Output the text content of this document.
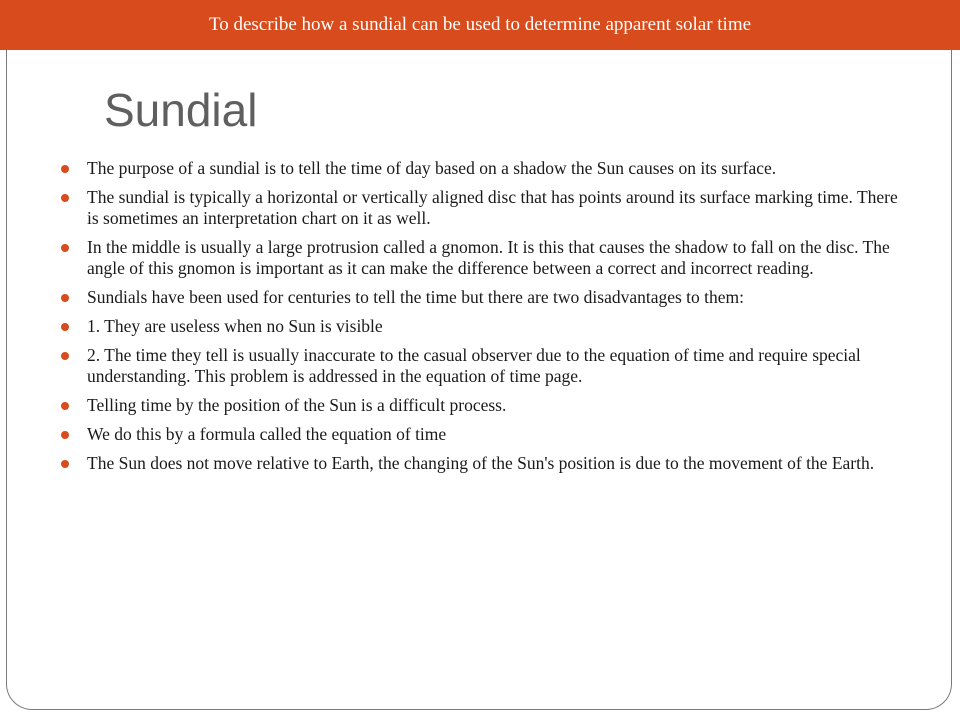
To describe how a sundial can be used to determine apparent solar time
Sundial
The purpose of a sundial is to tell the time of day based on a shadow the Sun causes on its surface.
The sundial is typically a horizontal or vertically aligned disc that has points around its surface marking time. There is sometimes an interpretation chart on it as well.
In the middle is usually a large protrusion called a gnomon. It is this that causes the shadow to fall on the disc. The angle of this gnomon is important as it can make the difference between a correct and incorrect reading.
Sundials have been used for centuries to tell the time but there are two disadvantages to them:
1. They are useless when no Sun is visible
2. The time they tell is usually inaccurate to the casual observer due to the equation of time and require special understanding. This problem is addressed in the equation of time page.
Telling time by the position of the Sun is a difficult process.
We do this by a formula called the equation of time
The Sun does not move relative to Earth, the changing of the Sun's position is due to the movement of the Earth.
